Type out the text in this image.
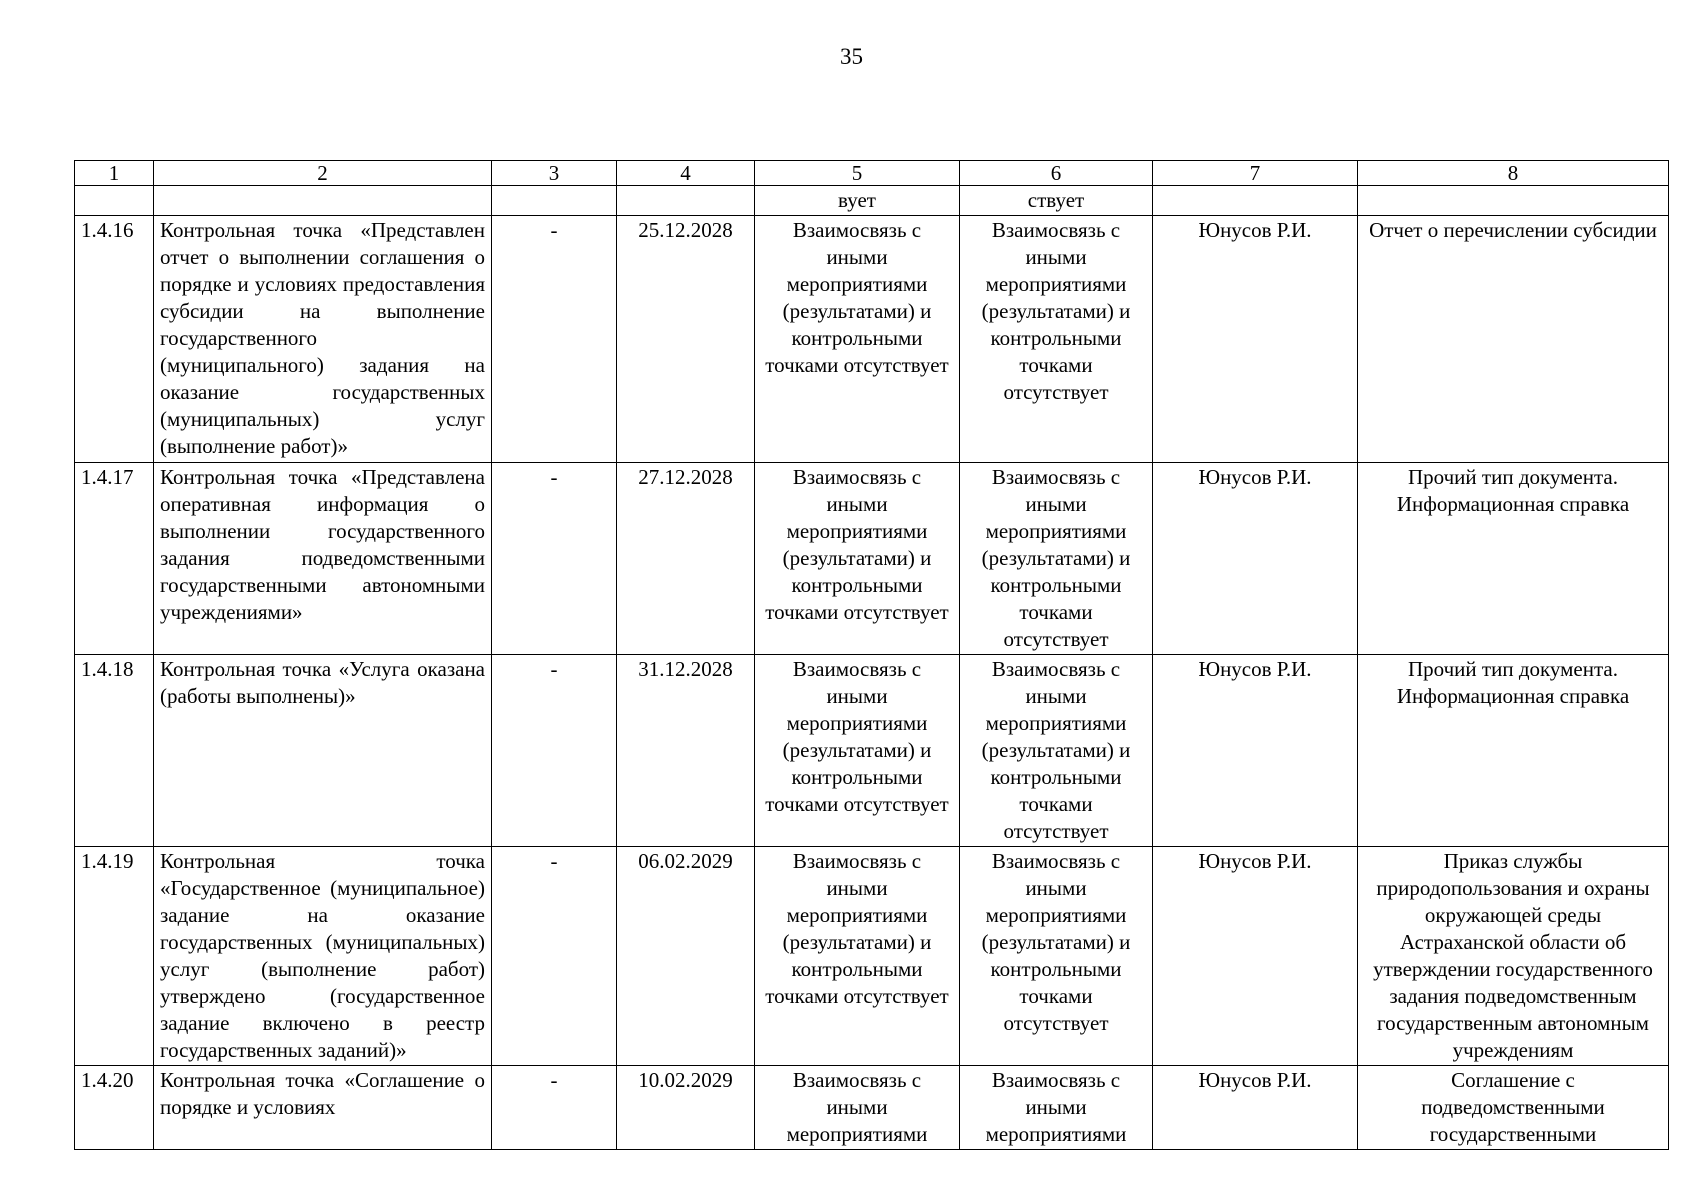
35
1	2	3	4	5	6	7	8
				вует	ствует		
1.4.16	Контрольная точка «Представлен отчет о выполнении соглашения о порядке и условиях предоставления субсидии на выполнение государственного (муниципального) задания на оказание государственных (муниципальных) услуг (выполнение работ)»	-	25.12.2028	Взаимосвязь с иными мероприятиями (результатами) и контрольными точками отсутствует	Взаимосвязь с иными мероприятиями (результатами) и контрольными точками отсутствует	Юнусов Р.И.	Отчет о перечислении субсидии
1.4.17	Контрольная точка «Представлена оперативная информация о выполнении государственного задания подведомственными государственными автономными учреждениями»	-	27.12.2028	Взаимосвязь с иными мероприятиями (результатами) и контрольными точками отсутствует	Взаимосвязь с иными мероприятиями (результатами) и контрольными точками отсутствует	Юнусов Р.И.	Прочий тип документа. Информационная справка
1.4.18	Контрольная точка «Услуга оказана (работы выполнены)»	-	31.12.2028	Взаимосвязь с иными мероприятиями (результатами) и контрольными точками отсутствует	Взаимосвязь с иными мероприятиями (результатами) и контрольными точками отсутствует	Юнусов Р.И.	Прочий тип документа. Информационная справка
1.4.19	Контрольная точка «Государственное (муниципальное) задание на оказание государственных (муниципальных) услуг (выполнение работ) утверждено (государственное задание включено в реестр государственных заданий)»	-	06.02.2029	Взаимосвязь с иными мероприятиями (результатами) и контрольными точками отсутствует	Взаимосвязь с иными мероприятиями (результатами) и контрольными точками отсутствует	Юнусов Р.И.	Приказ службы природопользования и охраны окружающей среды Астраханской области об утверждении государственного задания подведомственным государственным автономным учреждениям
1.4.20	Контрольная точка «Соглашение о порядке и условиях	-	10.02.2029	Взаимосвязь с иными мероприятиями	Взаимосвязь с иными мероприятиями	Юнусов Р.И.	Соглашение с подведомственными государственными
